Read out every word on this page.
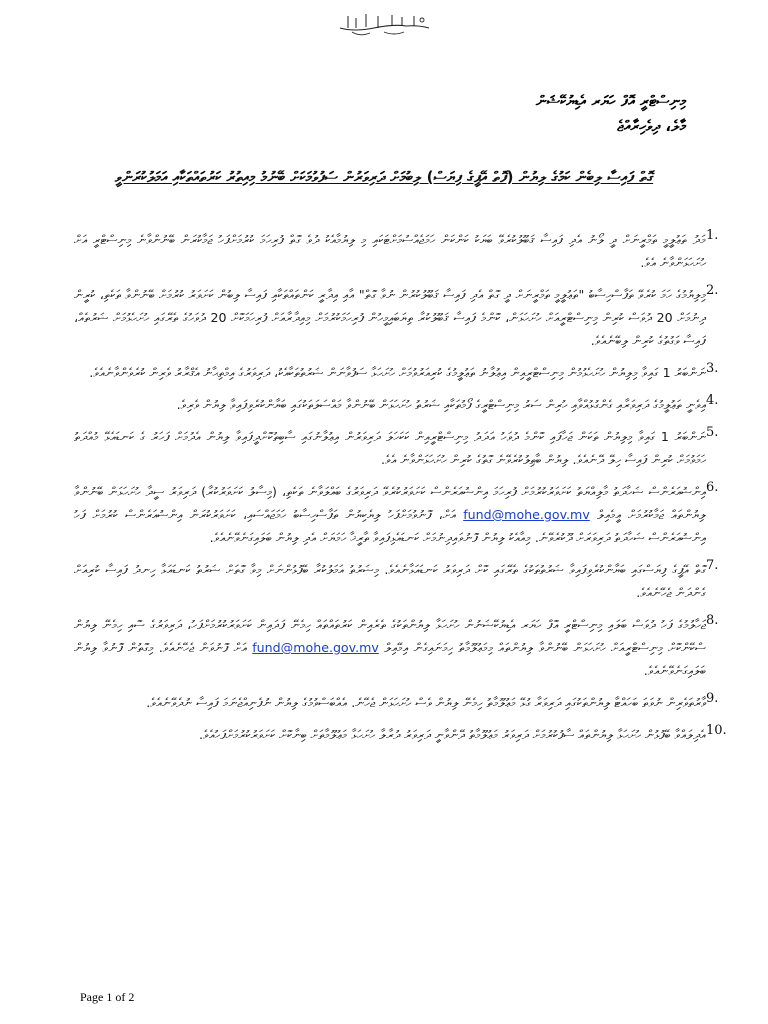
މިނިސްޓްރީ އޮފް ހަޔަރ އެޑިޔުކޭޝަން
މާލެ، ދިވެހިރާއްޖެ
ގޮތް ފައިސާ ލިބެން ކަމުގެ ލިޔުން (ފޮތް އޭޕީގެ ފިޔަސް) ލިބުމަށް ދަރިވަރުން ސަފުވުމަކަށް ބޭނުމު މިއިތުރު ކަރުތައްތަކާއި އަމަލުކުރަންވީ
1.
މަދު ތަޢުލީމީ ތަމްރީނަށް ދީ ލޯނު އެދި ފައިސާ ޤަބޫލުކުރެވޭ ބަޔަކު ކަންކަން ހަމަޖެއްސުމަށްޓަކައި މި ލިޔުމާއެކު ދުވެ ގޮތް ފުރިހަމަ ކުރުމަށްފަހު ޖަމާކުރަން ބޭނުންވާނެ މިނިސްޓްރީ އަށް ހުށަހަޅަންވާނެ އެވެ.
2.
މިލިޔުމުގެ ހަމަ ކުރެވޭ ތަފާސްހިސާބު "ތަޢުލީމީ ތަމްރީނަށް ދީ ގޮތް އެދި ފައިސާ ޤަބޫލުކުރުން ނުވާ ގޮތް" އާއި އިދާރީ ކަންތައްތަކާއި ފައިސާ ލިބުން ކަށަވަރު ކުރުމަށް ބޭނުންވާ ތަކެތި، ކުރީން ދިނުމަށް 20 ދުވަސް ކުރިން މިނިސްޓްރީއަށް ހުށަހަޅަން، ކޮންމެ ފައިސާ ޤަބޫލުކުރާ ތިޔަބައިމީހުން ފުރިހަމަކުރުމަށް މިއިދާރާއަށް ފުރިހަމަކޮށް 20 ދުވަހުގެ ތެރޭގައި ހުށަހެޅުމަށް ޝަރުތެއް، ފައިސާ ވަގުތުގެ ކުރިން ލިބޭނެއެވެ.
3.
ނަންބަރު 1 ގައިވާ މިލިޔުން ހުށަހެޅުމުން މިނިސްޓްރީއިން އިޢުލާނު ތަޢުލީމުގެ ކުރިއަރުވުމަށް ހުށަހަޅާ ސަފުވާނަން ޝަރުތުތަކާއެކު، ދަރިވަރުގެ އިމްތިޙާނު އެޤްރާރު ވެރިން ކުރެވެންވާނެއެވެ.
4.
އިވެނީ ތަޢުލީމުގެ ދަރިވަރާއި ގެންގުޅުއްވާއި ހުރިން ސަރު މިނިސްޓްރީގެ ފޯމުތަކާއި ޝަރުތު ހުށަހަޅަން ބޭނުންވާ މައްސަލަތަކުގައި ބަޔާންކުރެވިފައިވާ ލިޔުން ވެރިވެ.
5.
ނަންބަރު 1 ގައިވާ މިލިޔުން ތަކަން ޖަހާފައި ކޮންމެ ދުވަހު އަދަދު މިނިސްޓްރީއިން ކަކަހަލަ ދަރިވަރުން އިޢުލާނުގައި ސާބިތުކޮށްދީފައިވާ ލިޔުން އެދުމަށް ފަހަރު ގެ ކަނޑައެޅޭ މުއްދަތު ހަމަވުމަށް ކުރިން ފައިސާ ހިލޭ ދޭނެއެވެ. ލިޔުން ބާޠިލުކުރެވޭނެ ގޮތުގެ ކުރިން ހުށަހަޅަންވާނެ އެވެ.
6.
އިންޝުއަރެންސް ޝަހާދަތު މާލިއްޔަތު ކަށަވަރުކުރުމަށް ފުރިހަމަ އިންޝުއަރެންސް ކަށަވަރުކުރެވޭ ދަރިވަރުގެ ބައްލަވާނެ ތަކެތި، (މިސާލު ކަށަވަރުކުރާ) ދަރިވަރު ސީދާ ހުށަހަޅަން ބޭނުންވާ ލިޔުންތައް ޖަމާކުރުމަށް އީމެއިލް fund@mohe.gov.mv އަށް، ފޮނުވުމަށްފަހު ލިޔެކިޔުން ތަފާސްހިސާބު ހަމަޖައްސައި، ކަށަވަރުކުރަން އިންޝުއަރެންސް ކުރުމަށް ފަހު އިންޝުއަރެންސް ޝަހާދަތު ދަރިވަރަށް ދޫކުރެވޭނެ. މިއާއެކު ލިޔުން ފޮނުވައިދިނުމަށް ކަނޑައެޅިފައިވާ ތާރީޚާ ހަމަޔަށް އެދި ލިޔުން ބަލައިގަނެވޭނެއެވެ.
7.
ގޮތް އޭޕީގެ ފިޔަސްގައި ބަޔާންކުރެވިފައިވާ ޝަރުތުތަކުގެ ތެރޭގައި ކޮށް ދަރިވަރު ކަނޑައަޅާނެއެވެ. މިޝަރުތު އަމަލުކުރާ ބޭފުޅުންނަށް މިވާ ގޮތަށް ޝަރުތު ކަނޑައަޅާ ހިނދު ފައިސާ ކުރިއަށް ގެންދަން ޖެހޭނެއެވެ.
8.
ޖަހާލުމުގެ ފަހު ދުވަސް ބަލައި މިނިސްޓްރީ އޮފް ހަޔަރ އެޑިޔުކޭޝަނުން ހުށަހަޅާ ލިޔުންތަކުގެ ތެރެއިން ކަރުތައްތައް ހިމެނޭ ފަދައިން ކަށަވަރުކުރުމަށްފަހު، ދަރިވަރުގެ ސޮއި ހިމެނޭ ލިޔުން ސްކޭންކޮށް މިނިސްޓްރީއަށް ހުށަހަޅަން ބޭނުންވާ ލިޔުންތައް މިމަޢުލޫމާތު ހިމަނައިގެން އިމޭއިލް fund@mohe.gov.mv އަށް ފޮނުވަން ޖެހޭނެއެވެ. މިގޮތުން ފޮނުވާ ލިޔުން ބަލައިގަނެވޭނެއެވެ.
9.
ވާރުތަވެރިން ނުވަތަ ބަހައްޓާ ލިޔުންތަކުގައި ދަރިވަރާ ގުޅޭ މަޢުލޫމާތު ހިމެނޭ ލިޔުން ވެސް ހުށަހަޅަން ޖެހޭނެ. އެއްބަސްވުމުގެ ލިޔުން ނުފެނިއްޖެނަމަ ފައިސާ ނުދެވޭނެއެވެ.
10.
އެދިލައްވާ ބޭފުޅުން ހުށަހަޅާ ލިޔުންތައް ސާފުކުރުމަށް ދަރިވަރު މަޢުލޫމާތު ދޭންވާނީ ދަރިވަރު ދުރާލާ ހުށަހަޅާ މަޢުލޫމާތަށް ބިނާކޮށް ކަށަވަރުކުރުމަށްފަހުއެވެ.
Page 1 of 2
